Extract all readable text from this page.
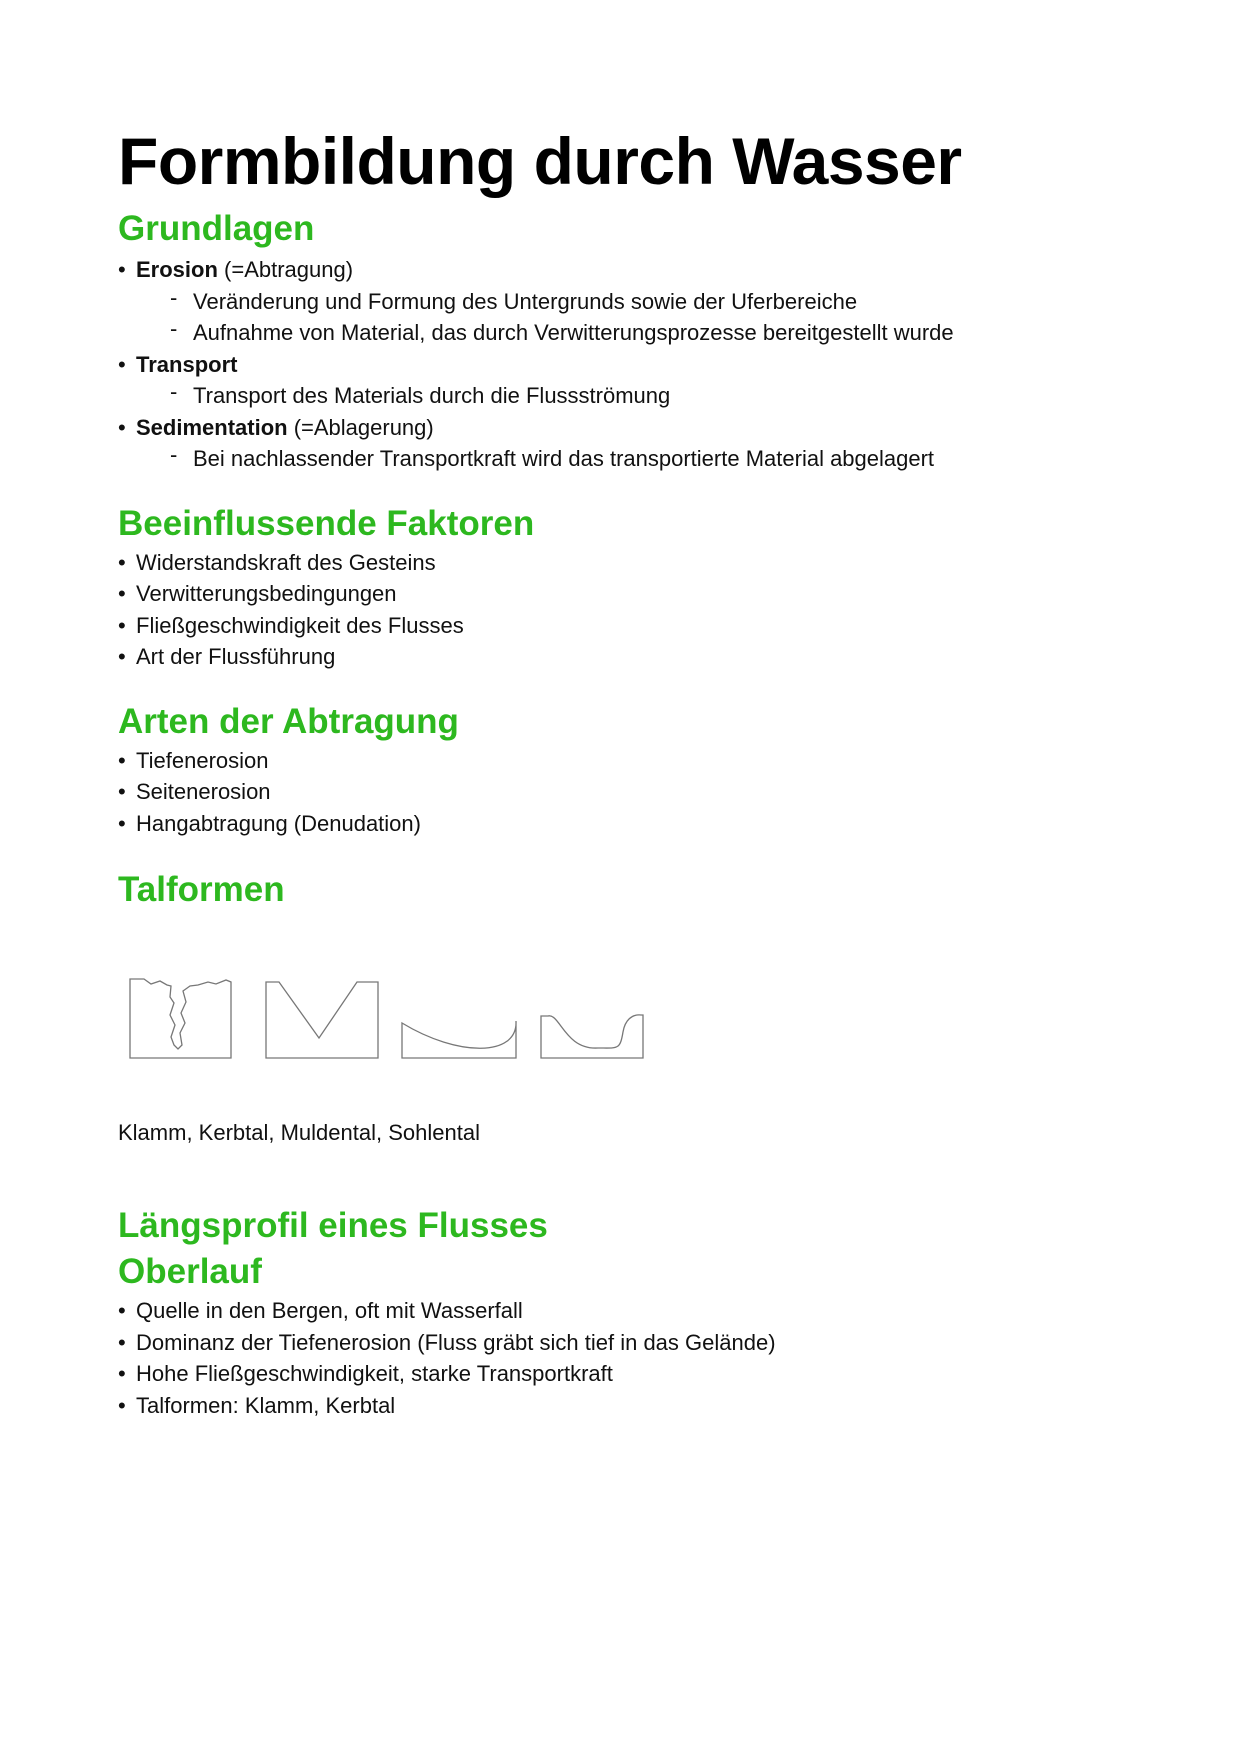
Formbildung durch Wasser
Grundlagen
• Erosion (=Abtragung)
- Veränderung und Formung des Untergrunds sowie der Uferbereiche
- Aufnahme von Material, das durch Verwitterungsprozesse bereitgestellt wurde
• Transport
- Transport des Materials durch die Flussströmung
• Sedimentation (=Ablagerung)
- Bei nachlassender Transportkraft wird das transportierte Material abgelagert
Beeinflussende Faktoren
• Widerstandskraft des Gesteins
• Verwitterungsbedingungen
• Fließgeschwindigkeit des Flusses
• Art der Flussführung
Arten der Abtragung
• Tiefenerosion
• Seitenerosion
• Hangabtragung (Denudation)
Talformen

Klamm, Kerbtal, Muldental, Sohlental

Längsprofil eines Flusses
Oberlauf
• Quelle in den Bergen, oft mit Wasserfall
• Dominanz der Tiefenerosion (Fluss gräbt sich tief in das Gelände)
• Hohe Fließgeschwindigkeit, starke Transportkraft
• Talformen: Klamm, Kerbtal
